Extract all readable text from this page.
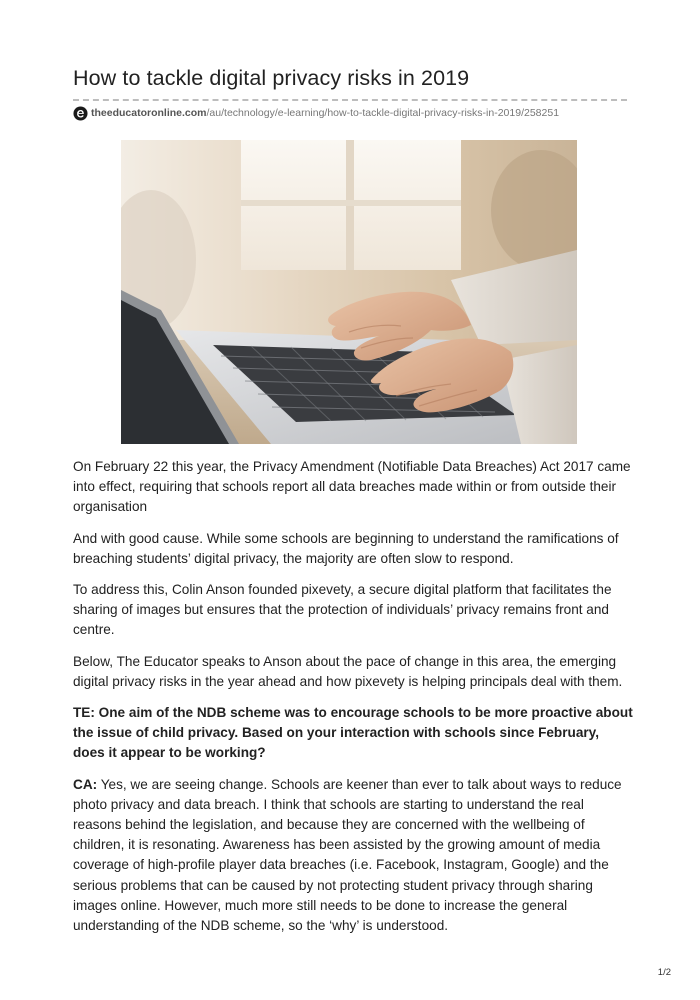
How to tackle digital privacy risks in 2019
theeducatoronline.com /au/technology/e-learning/how-to-tackle-digital-privacy-risks-in-2019/258251

On February 22 this year, the Privacy Amendment (Notifiable Data Breaches) Act 2017 came into effect, requiring that schools report all data breaches made within or from outside their organisation

And with good cause. While some schools are beginning to understand the ramifications of breaching students’ digital privacy, the majority are often slow to respond.

To address this, Colin Anson founded pixevety, a secure digital platform that facilitates the sharing of images but ensures that the protection of individuals’ privacy remains front and centre.

Below, The Educator speaks to Anson about the pace of change in this area, the emerging digital privacy risks in the year ahead and how pixevety is helping principals deal with them.

TE: One aim of the NDB scheme was to encourage schools to be more proactive about the issue of child privacy. Based on your interaction with schools since February, does it appear to be working?

CA: Yes, we are seeing change. Schools are keener than ever to talk about ways to reduce photo privacy and data breach. I think that schools are starting to understand the real reasons behind the legislation, and because they are concerned with the wellbeing of children, it is resonating. Awareness has been assisted by the growing amount of media coverage of high-profile player data breaches (i.e. Facebook, Instagram, Google) and the serious problems that can be caused by not protecting student privacy through sharing images online. However, much more still needs to be done to increase the general understanding of the NDB scheme, so the ‘why’ is understood.

1/2
